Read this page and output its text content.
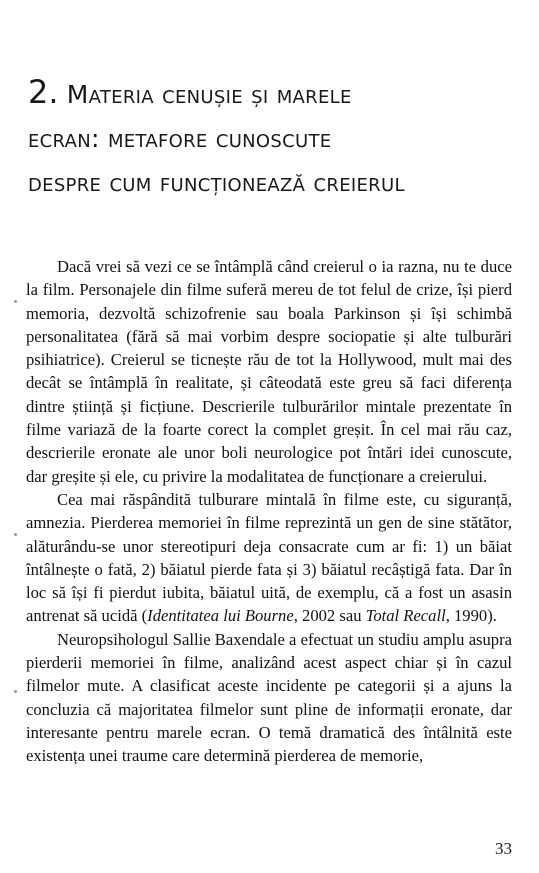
2. Materia cenușie și marele
ecran: metafore cunoscute
despre cum funcționează creierul

Dacă vrei să vezi ce se întâmplă când creierul o ia razna, nu te duce la film. Personajele din filme suferă mereu de tot felul de crize, își pierd memoria, dezvoltă schizofrenie sau boala Parkinson și își schimbă personalitatea (fără să mai vorbim despre sociopatie și alte tulburări psihiatrice). Creierul se ticnește rău de tot la Hollywood, mult mai des decât se întâmplă în realitate, și câteodată este greu să faci diferența dintre știință și ficțiune. Descrierile tulburărilor mintale prezentate în filme variază de la foarte corect la complet greșit. În cel mai rău caz, descrierile eronate ale unor boli neurologice pot întări idei cunoscute, dar greșite și ele, cu privire la modalitatea de funcționare a creierului.

Cea mai răspândită tulburare mintală în filme este, cu siguranță, amnezia. Pierderea memoriei în filme reprezintă un gen de sine stătător, alăturându-se unor stereotipuri deja consacrate cum ar fi: 1) un băiat întâlnește o fată, 2) băiatul pierde fata și 3) băiatul recâștigă fata. Dar în loc să își fi pierdut iubita, băiatul uită, de exemplu, că a fost un asasin antrenat să ucidă (Identitatea lui Bourne, 2002 sau Total Recall, 1990).

Neuropsihologul Sallie Baxendale a efectuat un studiu amplu asupra pierderii memoriei în filme, analizând acest aspect chiar și în cazul filmelor mute. A clasificat aceste incidente pe categorii și a ajuns la concluzia că majoritatea filmelor sunt pline de informații eronate, dar interesante pentru marele ecran. O temă dramatică des întâlnită este existența unei traume care determină pierderea de memorie,

33
